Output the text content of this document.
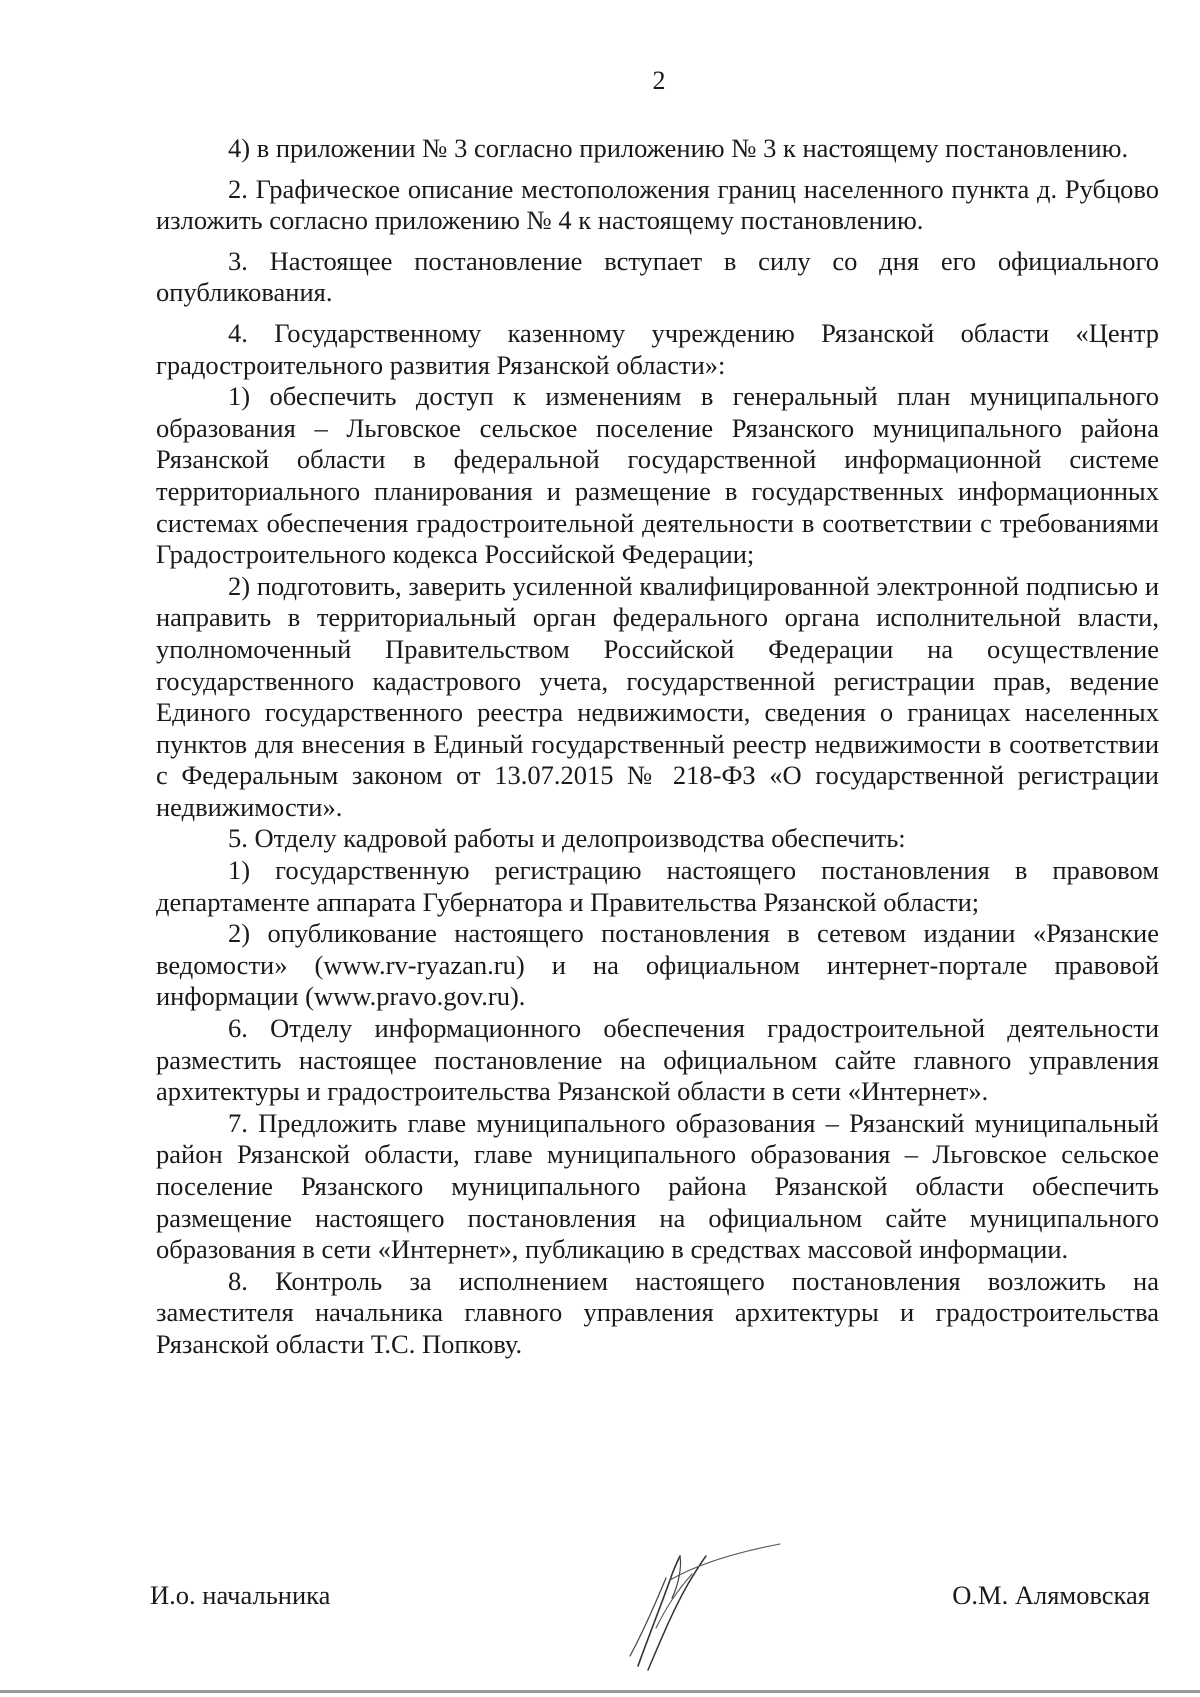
2

4) в приложении № 3 согласно приложению № 3 к настоящему постановлению.

2. Графическое описание местоположения границ населенного пункта д. Рубцово изложить согласно приложению № 4 к настоящему постановлению.

3. Настоящее постановление вступает в силу со дня его официального опубликования.

4. Государственному казенному учреждению Рязанской области «Центр градостроительного развития Рязанской области»:

1) обеспечить доступ к изменениям в генеральный план муниципального образования – Льговское сельское поселение Рязанского муниципального района Рязанской области в федеральной государственной информационной системе территориального планирования и размещение в государственных информационных системах обеспечения градостроительной деятельности в соответствии с требованиями Градостроительного кодекса Российской Федерации;

2) подготовить, заверить усиленной квалифицированной электронной подписью и направить в территориальный орган федерального органа исполнительной власти, уполномоченный Правительством Российской Федерации на осуществление государственного кадастрового учета, государственной регистрации прав, ведение Единого государственного реестра недвижимости, сведения о границах населенных пунктов для внесения в Единый государственный реестр недвижимости в соответствии с Федеральным законом от 13.07.2015 № 218-ФЗ «О государственной регистрации недвижимости».

5. Отделу кадровой работы и делопроизводства обеспечить:

1) государственную регистрацию настоящего постановления в правовом департаменте аппарата Губернатора и Правительства Рязанской области;

2) опубликование настоящего постановления в сетевом издании «Рязанские ведомости» (www.rv-ryazan.ru) и на официальном интернет-портале правовой информации (www.pravo.gov.ru).

6. Отделу информационного обеспечения градостроительной деятельности разместить настоящее постановление на официальном сайте главного управления архитектуры и градостроительства Рязанской области в сети «Интернет».

7. Предложить главе муниципального образования – Рязанский муниципальный район Рязанской области, главе муниципального образования – Льговское сельское поселение Рязанского муниципального района Рязанской области обеспечить размещение настоящего постановления на официальном сайте муниципального образования в сети «Интернет», публикацию в средствах массовой информации.

8. Контроль за исполнением настоящего постановления возложить на заместителя начальника главного управления архитектуры и градостроительства Рязанской области Т.С. Попкову.

И.о. начальника	О.М. Алямовская
